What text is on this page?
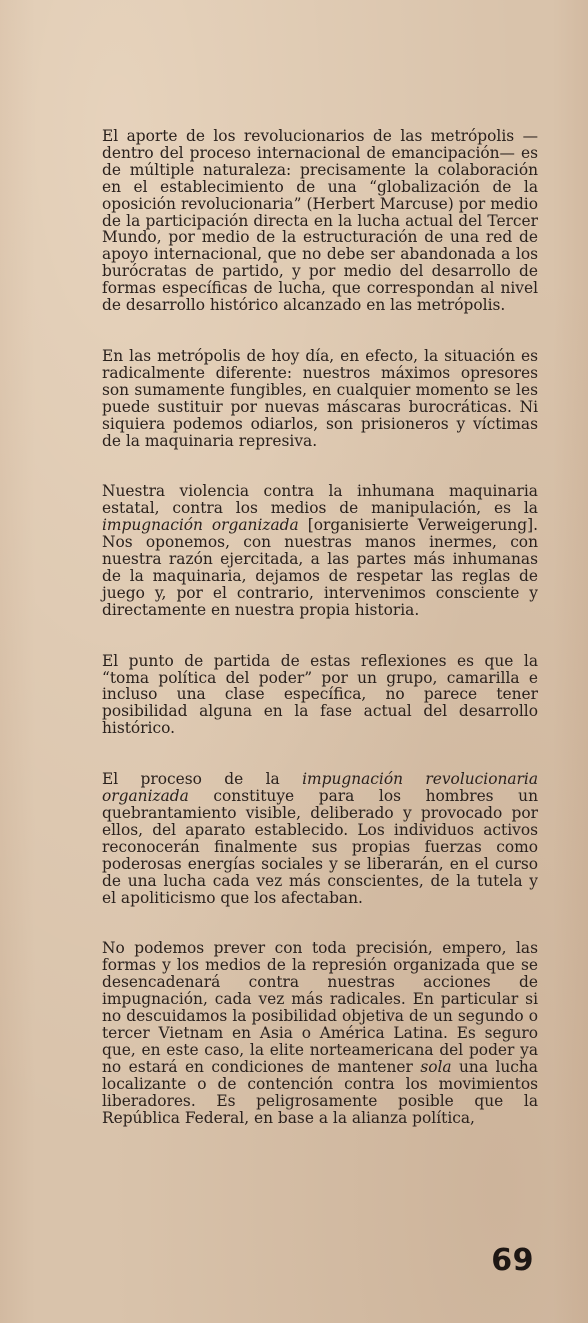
El aporte de los revolucionarios de las metrópolis —dentro del proceso internacional de emancipación— es de múltiple naturaleza: precisamente la colaboración en el establecimiento de una “globalización de la oposición revolucionaria” (Herbert Marcuse) por medio de la participación directa en la lucha actual del Tercer Mundo, por medio de la estructuración de una red de apoyo internacional, que no debe ser abandonada a los burócratas de partido, y por medio del desarrollo de formas específicas de lucha, que correspondan al nivel de desarrollo histórico alcanzado en las metrópolis.

En las metrópolis de hoy día, en efecto, la situación es radicalmente diferente: nuestros máximos opresores son sumamente fungibles, en cualquier momento se les puede sustituir por nuevas máscaras burocráticas. Ni siquiera podemos odiarlos, son prisioneros y víctimas de la maquinaria represiva.

Nuestra violencia contra la inhumana maquinaria estatal, contra los medios de manipulación, es la impugnación organizada [organisierte Verweigerung]. Nos oponemos, con nuestras manos inermes, con nuestra razón ejercitada, a las partes más inhumanas de la maquinaria, dejamos de respetar las reglas de juego y, por el contrario, intervenimos consciente y directamente en nuestra propia historia.

El punto de partida de estas reflexiones es que la “toma política del poder” por un grupo, camarilla e incluso una clase específica, no parece tener posibilidad alguna en la fase actual del desarrollo histórico.

El proceso de la impugnación revolucionaria organizada constituye para los hombres un quebrantamiento visible, deliberado y provocado por ellos, del aparato establecido. Los individuos activos reconocerán finalmente sus propias fuerzas como poderosas energías sociales y se liberarán, en el curso de una lucha cada vez más conscientes, de la tutela y el apoliticismo que los afectaban.

No podemos prever con toda precisión, empero, las formas y los medios de la represión organizada que se desencadenará contra nuestras acciones de impugnación, cada vez más radicales. En particular si no descuidamos la posibilidad objetiva de un segundo o tercer Vietnam en Asia o América Latina. Es seguro que, en este caso, la elite norteamericana del poder ya no estará en condiciones de mantener sola una lucha localizante o de contención contra los movimientos liberadores. Es peligrosamente posible que la República Federal, en base a la alianza política,

69
